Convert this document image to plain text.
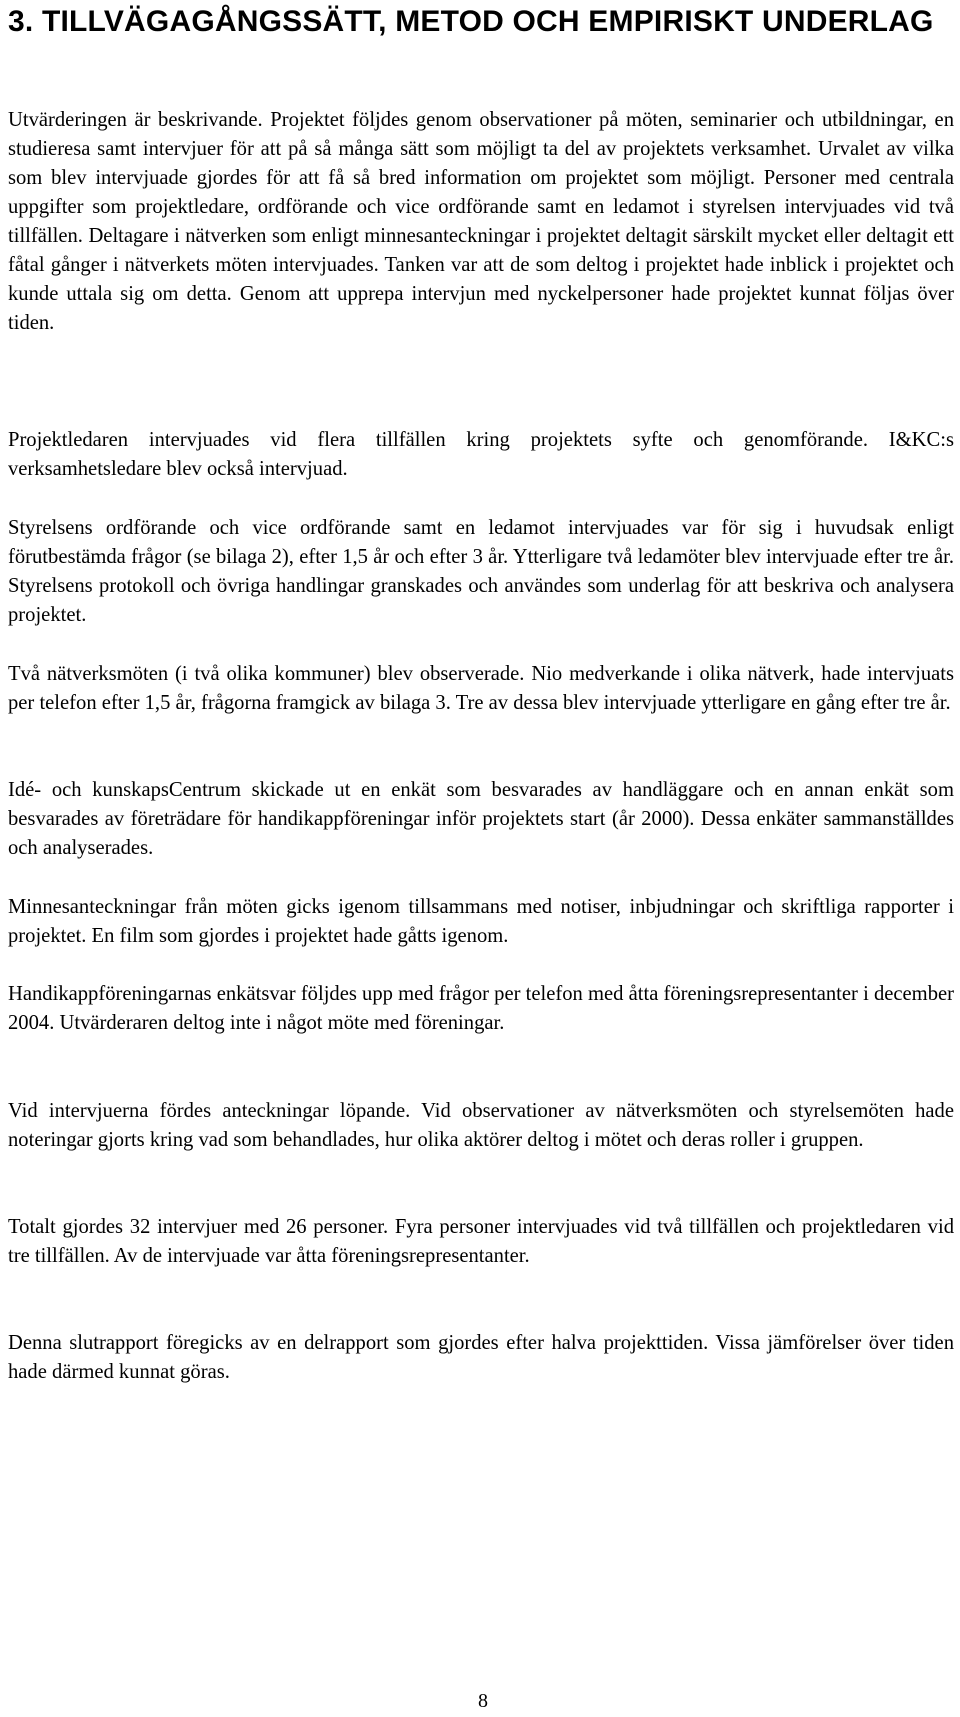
3. TILLVÄGAGÅNGSSÄTT, METOD OCH EMPIRISKT UNDERLAG

Utvärderingen är beskrivande. Projektet följdes genom observationer på möten, seminarier och utbildningar, en studieresa samt intervjuer för att på så många sätt som möjligt ta del av projektets verksamhet. Urvalet av vilka som blev intervjuade gjordes för att få så bred information om projektet som möjligt. Personer med centrala uppgifter som projektledare, ordförande och vice ordförande samt en ledamot i styrelsen intervjuades vid två tillfällen. Deltagare i nätverken som enligt minnesanteckningar i projektet deltagit särskilt mycket eller deltagit ett fåtal gånger i nätverkets möten intervjuades. Tanken var att de som deltog i projektet hade inblick i projektet och kunde uttala sig om detta. Genom att upprepa intervjun med nyckelpersoner hade projektet kunnat följas över tiden.

Projektledaren intervjuades vid flera tillfällen kring projektets syfte och genomförande. I&KC:s verksamhetsledare blev också intervjuad.

Styrelsens ordförande och vice ordförande samt en ledamot intervjuades var för sig i huvudsak enligt förutbestämda frågor (se bilaga 2), efter 1,5 år och efter 3 år. Ytterligare två ledamöter blev intervjuade efter tre år. Styrelsens protokoll och övriga handlingar granskades och användes som underlag för att beskriva och analysera projektet.

Två nätverksmöten (i två olika kommuner) blev observerade. Nio medverkande i olika nätverk, hade intervjuats per telefon efter 1,5 år, frågorna framgick av bilaga 3. Tre av dessa blev intervjuade ytterligare en gång efter tre år.

Idé- och kunskapsCentrum skickade ut en enkät som besvarades av handläggare och en annan enkät som besvarades av företrädare för handikappföreningar inför projektets start (år 2000). Dessa enkäter sammanställdes och analyserades.

Minnesanteckningar från möten gicks igenom tillsammans med notiser, inbjudningar och skriftliga rapporter i projektet. En film som gjordes i projektet hade gåtts igenom.

Handikappföreningarnas enkätsvar följdes upp med frågor per telefon med åtta föreningsrepresentanter i december 2004. Utvärderaren deltog inte i något möte med föreningar.

Vid intervjuerna fördes anteckningar löpande. Vid observationer av nätverksmöten och styrelsemöten hade noteringar gjorts kring vad som behandlades, hur olika aktörer deltog i mötet och deras roller i gruppen.

Totalt gjordes 32 intervjuer med 26 personer. Fyra personer intervjuades vid två tillfällen och projektledaren vid tre tillfällen. Av de intervjuade var åtta föreningsrepresentanter.

Denna slutrapport föregicks av en delrapport som gjordes efter halva projekttiden. Vissa jämförelser över tiden hade därmed kunnat göras.

8
